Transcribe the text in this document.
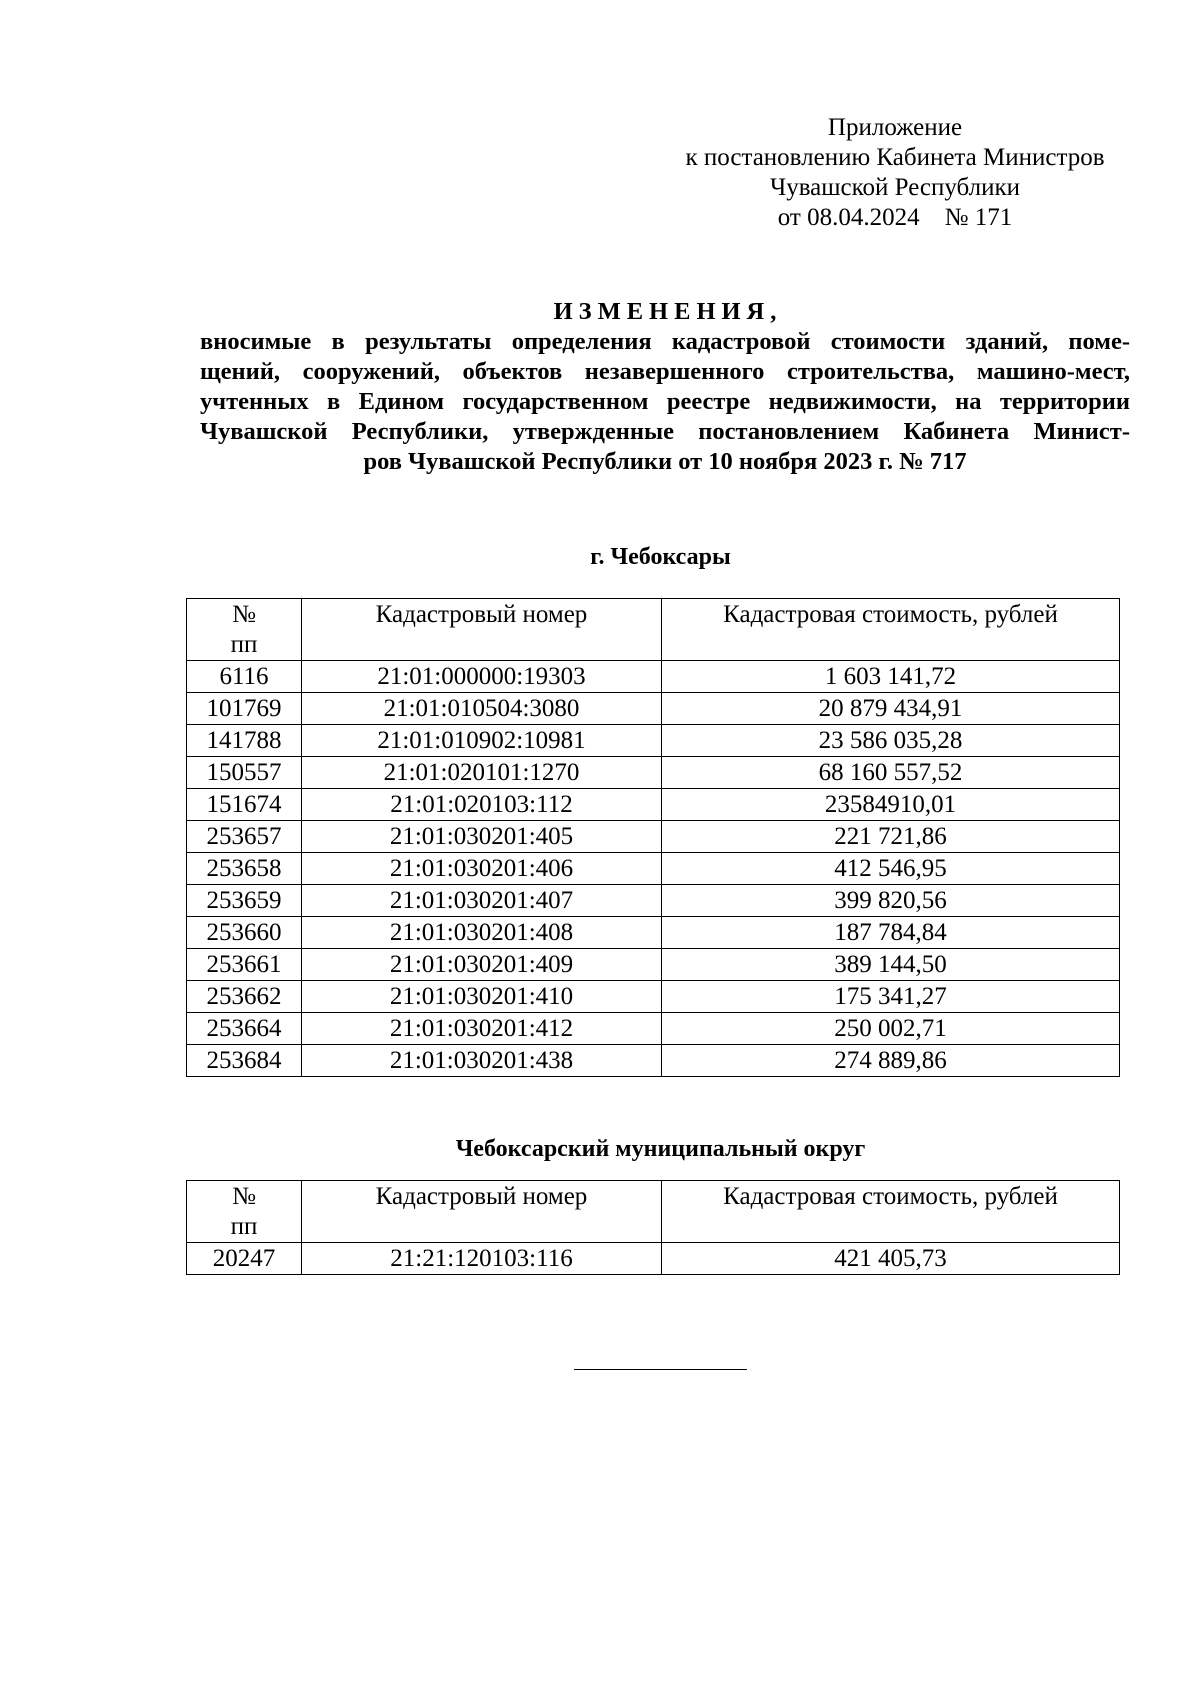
Приложение
к постановлению Кабинета Министров
Чувашской Республики
от 08.04.2024    № 171
ИЗМЕНЕНИЯ,
вносимые в результаты определения кадастровой стоимости зданий, поме-
щений, сооружений, объектов незавершенного строительства, машино-мест,
учтенных в Едином государственном реестре недвижимости, на территории
Чувашской Республики, утвержденные постановлением Кабинета Минист-
ров Чувашской Республики от 10 ноября 2023 г. № 717
г. Чебоксары
№
пп	Кадастровый номер	Кадастровая стоимость, рублей
6116	21:01:000000:19303	1 603 141,72
101769	21:01:010504:3080	20 879 434,91
141788	21:01:010902:10981	23 586 035,28
150557	21:01:020101:1270	68 160 557,52
151674	21:01:020103:112	23584910,01
253657	21:01:030201:405	221 721,86
253658	21:01:030201:406	412 546,95
253659	21:01:030201:407	399 820,56
253660	21:01:030201:408	187 784,84
253661	21:01:030201:409	389 144,50
253662	21:01:030201:410	175 341,27
253664	21:01:030201:412	250 002,71
253684	21:01:030201:438	274 889,86
Чебоксарский муниципальный округ
№
пп	Кадастровый номер	Кадастровая стоимость, рублей
20247	21:21:120103:116	421 405,73
